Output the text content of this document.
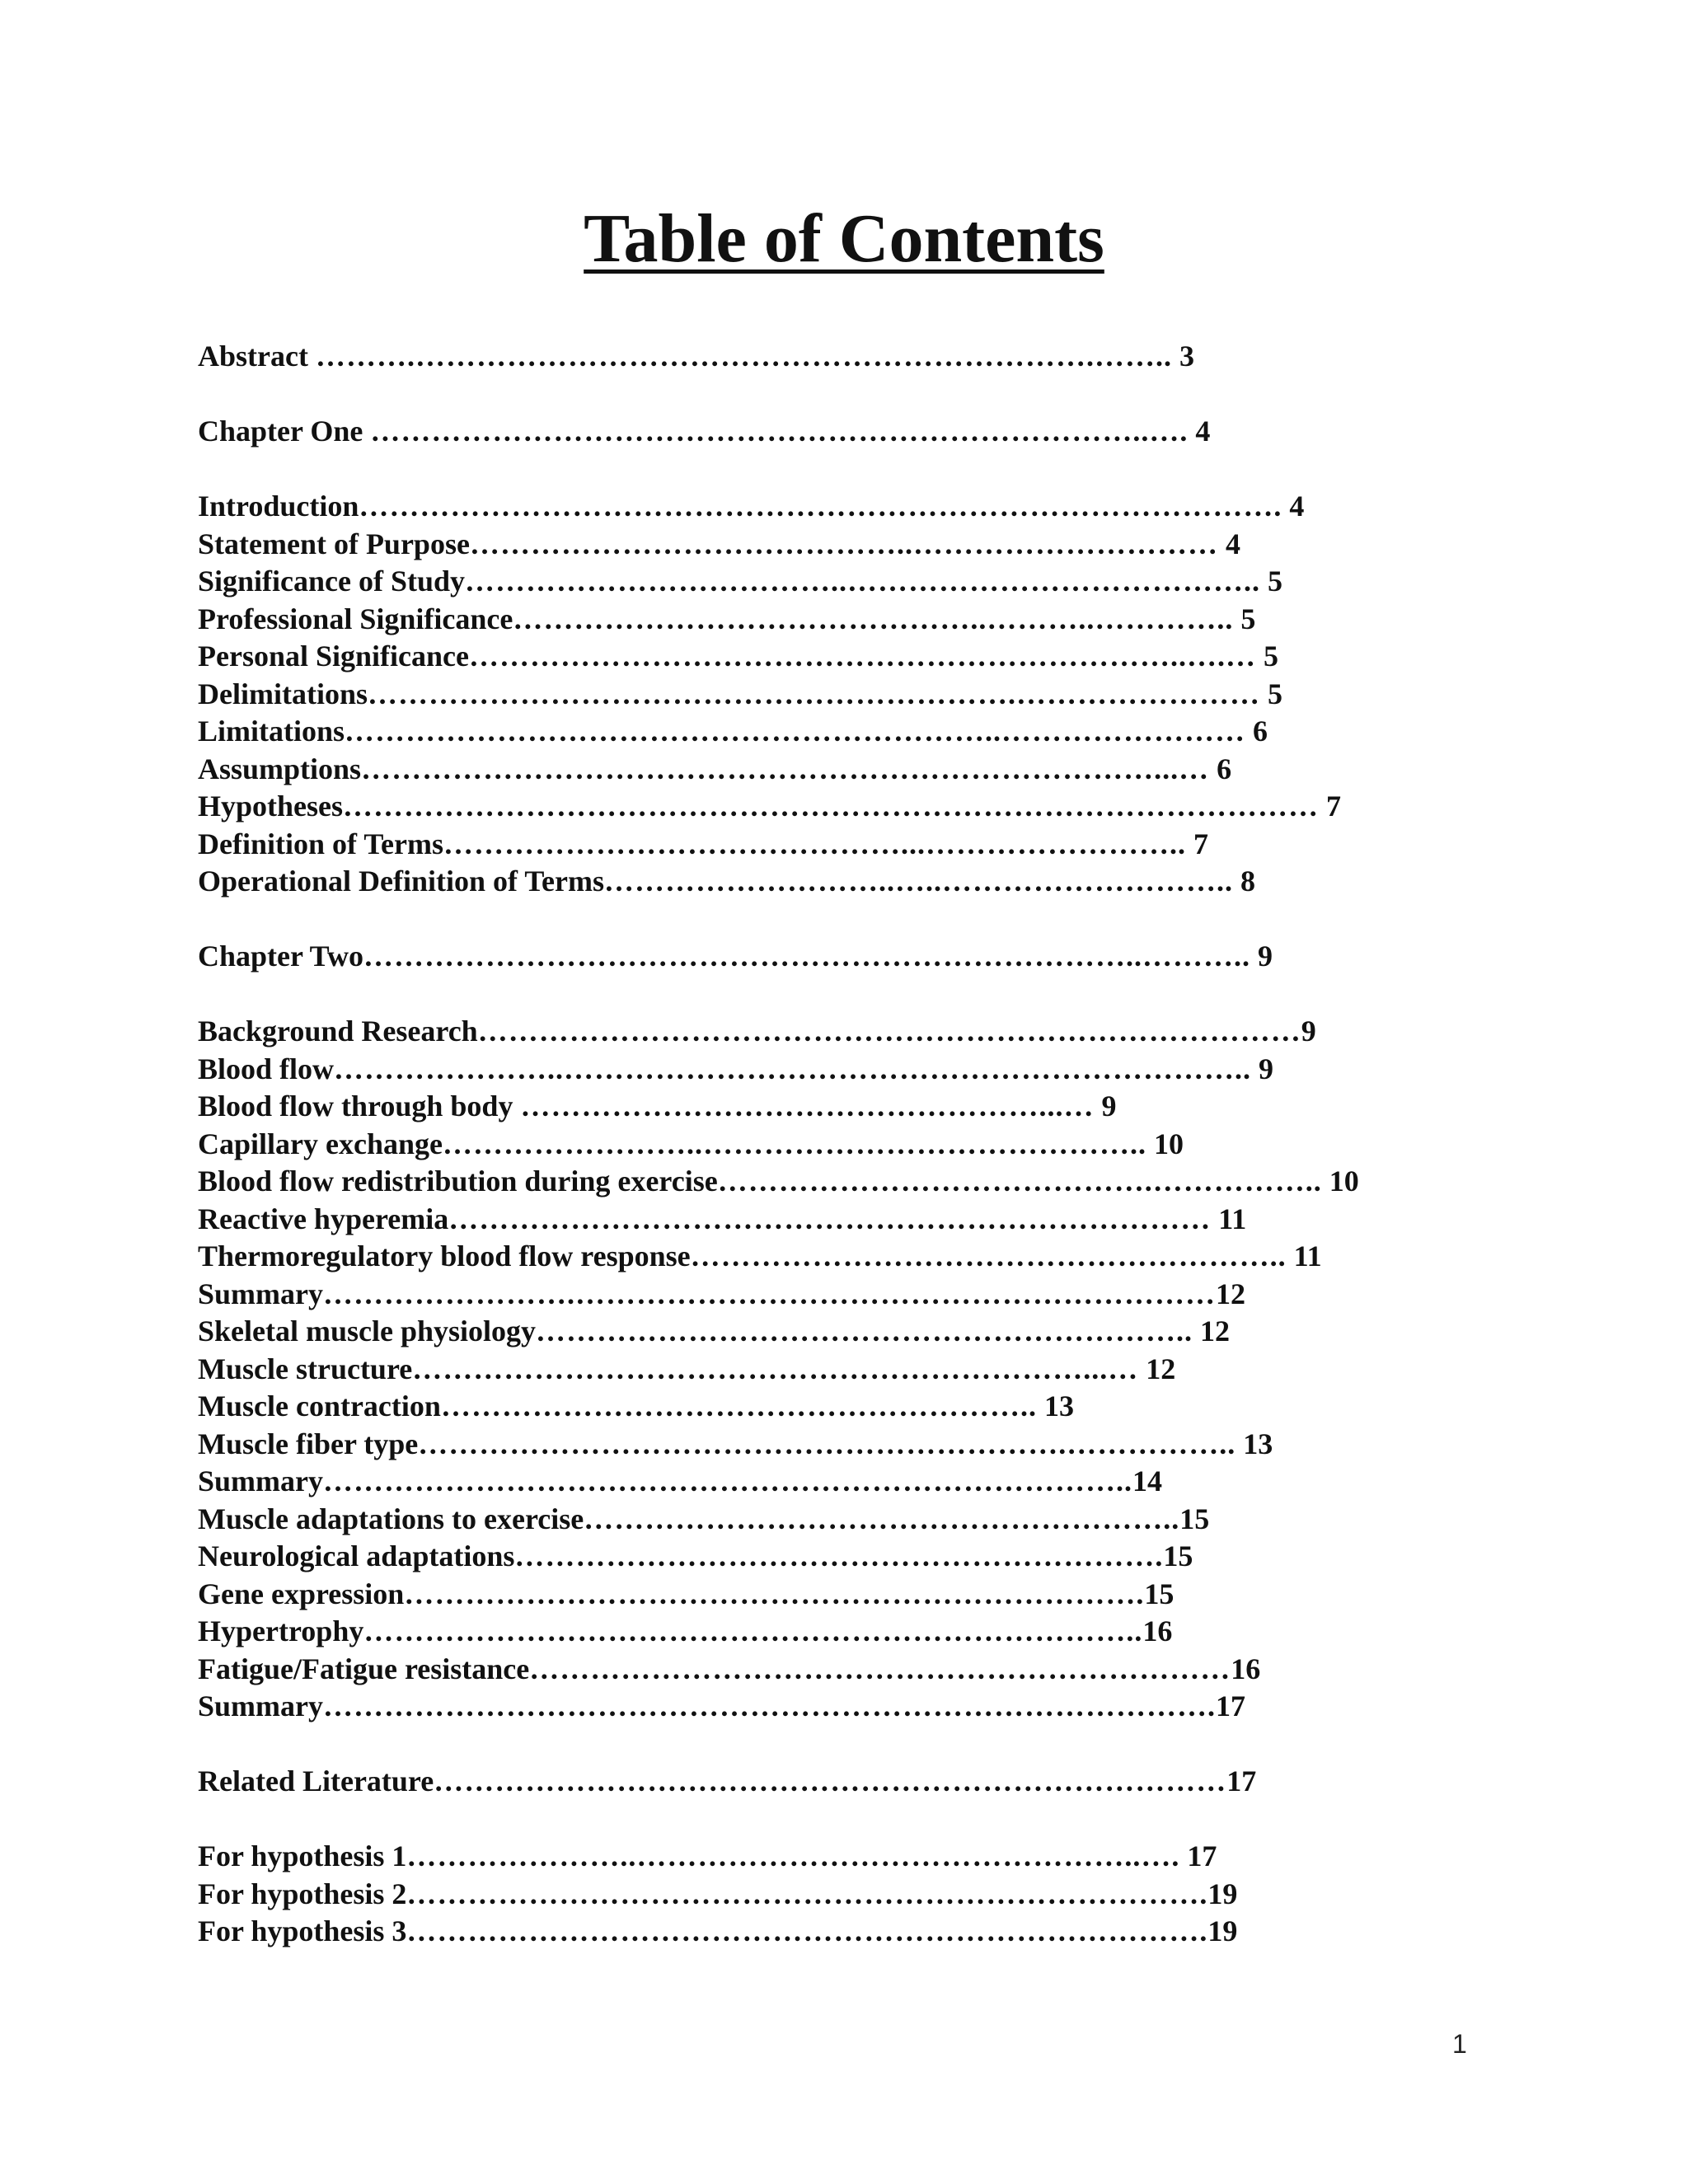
Table of Contents
Abstract ……….………………………………………………………….…….. 3
Chapter One …………………………………………………………………..…. 4
Introduction………………………………………………………………………………. 4
Statement of Purpose……………………………………..………………………… 4
Significance of Study………………………………..………………………………….. 5
Professional Significance………………………………………..………..………….. 5
Personal Significance……………………………………………………………..….… 5
Delimitations……………………………………………………….…………………… 5
Limitations………………………………………………………..…………………… 6
Assumptions……………………………………………………………………...… 6
Hypotheses…………………………………………………………………………………… 7
Definition of Terms………………………………………...…………………….. 7
Operational Definition of Terms………………………..…..……………………….. 8
Chapter Two…………………………………………………………………..……….. 9
Background Research………………………………………………………………………9
Blood flow…………………..………………………………………………………….. 9
Blood flow through body ……………………………………………...… 9
Capillary exchange……………………..…………………………………….. 10
Blood flow redistribution during exercise…………………………………….…………….. 10
Reactive hyperemia………………………………………………………………… 11
Thermoregulatory blood flow response………………………………………………….. 11
Summary…………………….………………………………………………………12
Skeletal muscle physiology……………………………………………………….. 12
Muscle structure…………………………………………………………...… 12
Muscle contraction………………………………………………….. 13
Muscle fiber type……………………………………………………….…………….. 13
Summary……………………………………………………………………..14
Muscle adaptations to exercise…………………………………………………..15
Neurological adaptations……………………………………………………….15
Gene expression……………………………………………………………….15
Hypertrophy…………………………………………………………………..16
Fatigue/Fatigue resistance……………………………………………………………16
Summary…………………………………………………………………………….17
Related Literature……………………………………………………………………17
For hypothesis 1…………………..…………………………………………..…. 17
For hypothesis 2…………………………………………………………………….19
For hypothesis 3…………………………………………………………………….19
1
